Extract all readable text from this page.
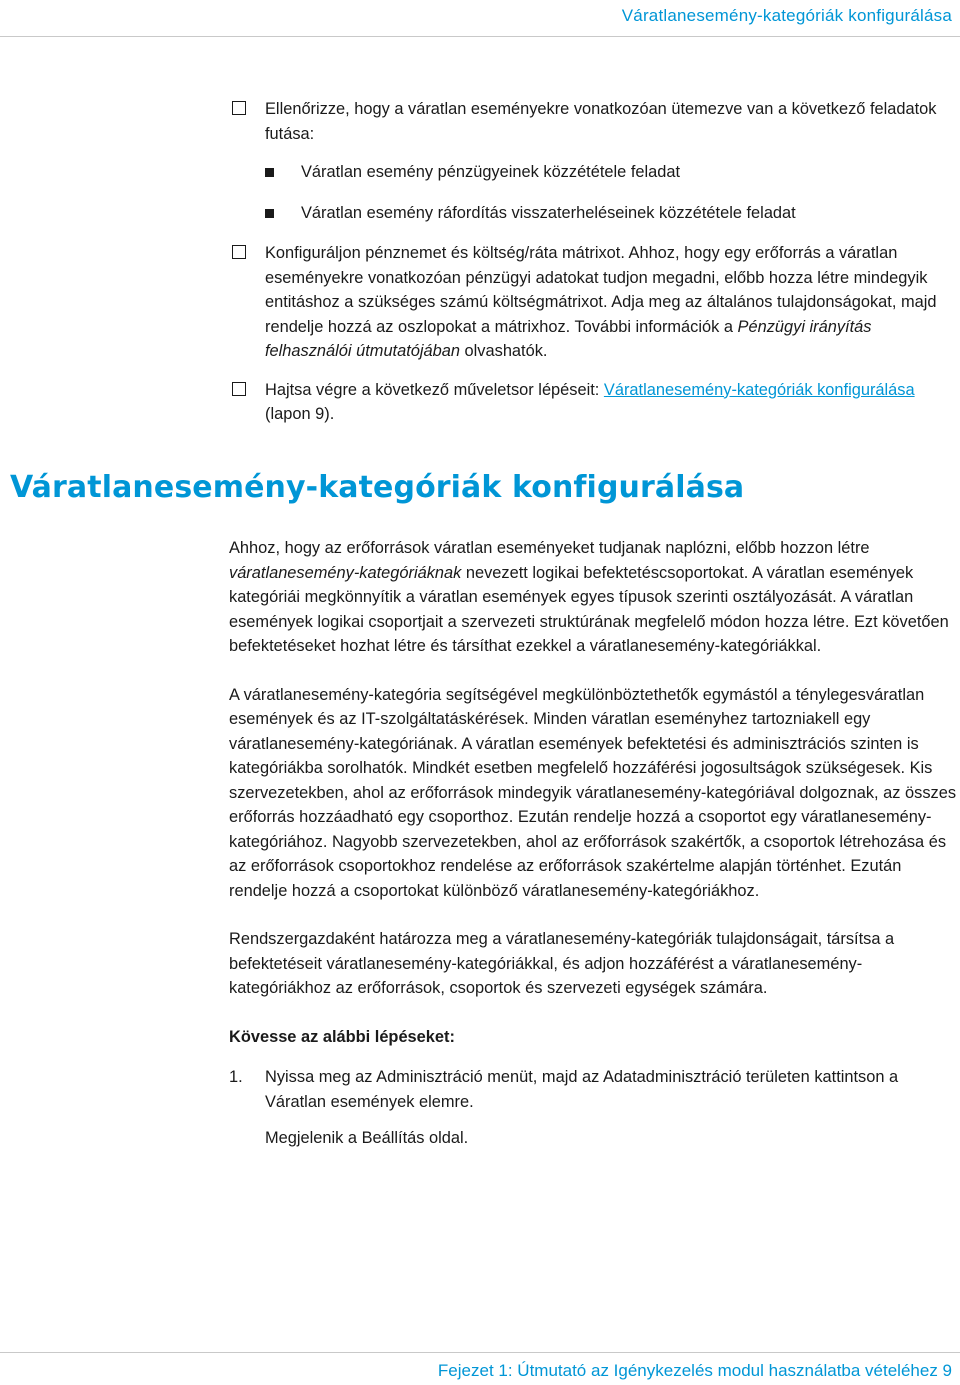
Váratlanesemény-kategóriák konfigurálása
Ellenőrizze, hogy a váratlan eseményekre vonatkozóan ütemezve van a következő feladatok futása:
Váratlan esemény pénzügyeinek közzététele feladat
Váratlan esemény ráfordítás visszaterheléseinek közzététele feladat
Konfiguráljon pénznemet és költség/ráta mátrixot. Ahhoz, hogy egy erőforrás a váratlan eseményekre vonatkozóan pénzügyi adatokat tudjon megadni, előbb hozza létre mindegyik entitáshoz a szükséges számú költségmátrixot. Adja meg az általános tulajdonságokat, majd rendelje hozzá az oszlopokat a mátrixhoz. További információk a Pénzügyi irányítás felhasználói útmutatójában olvashatók.
Hajtsa végre a következő műveletsor lépéseit: Váratlanesemény-kategóriák konfigurálása (lapon 9).
Váratlanesemény-kategóriák konfigurálása

Ahhoz, hogy az erőforrások váratlan eseményeket tudjanak naplózni, előbb hozzon létre váratlanesemény-kategóriáknak nevezett logikai befektetéscsoportokat. A váratlan események kategóriái megkönnyítik a váratlan események egyes típusok szerinti osztályozását. A váratlan események logikai csoportjait a szervezeti struktúrának megfelelő módon hozza létre. Ezt követően befektetéseket hozhat létre és társíthat ezekkel a váratlanesemény-kategóriákkal.

A váratlanesemény-kategória segítségével megkülönböztethetők egymástól a ténylegesváratlan események és az IT-szolgáltatáskérések. Minden váratlan eseményhez tartozniakell egy váratlanesemény-kategóriának. A váratlan események befektetési és adminisztrációs szinten is kategóriákba sorolhatók. Mindkét esetben megfelelő hozzáférési jogosultságok szükségesek. Kis szervezetekben, ahol az erőforrások mindegyik váratlanesemény-kategóriával dolgoznak, az összes erőforrás hozzáadható egy csoporthoz. Ezután rendelje hozzá a csoportot egy váratlanesemény-kategóriához. Nagyobb szervezetekben, ahol az erőforrások szakértők, a csoportok létrehozása és az erőforrások csoportokhoz rendelése az erőforrások szakértelme alapján történhet. Ezután rendelje hozzá a csoportokat különböző váratlanesemény-kategóriákhoz.

Rendszergazdaként határozza meg a váratlanesemény-kategóriák tulajdonságait, társítsa a befektetéseit váratlanesemény-kategóriákkal, és adjon hozzáférést a váratlanesemény-kategóriákhoz az erőforrások, csoportok és szervezeti egységek számára.

Kövesse az alábbi lépéseket:
1. Nyissa meg az Adminisztráció menüt, majd az Adatadminisztráció területen kattintson a Váratlan események elemre.
Megjelenik a Beállítás oldal.
Fejezet 1: Útmutató az Igénykezelés modul használatba vételéhez 9
